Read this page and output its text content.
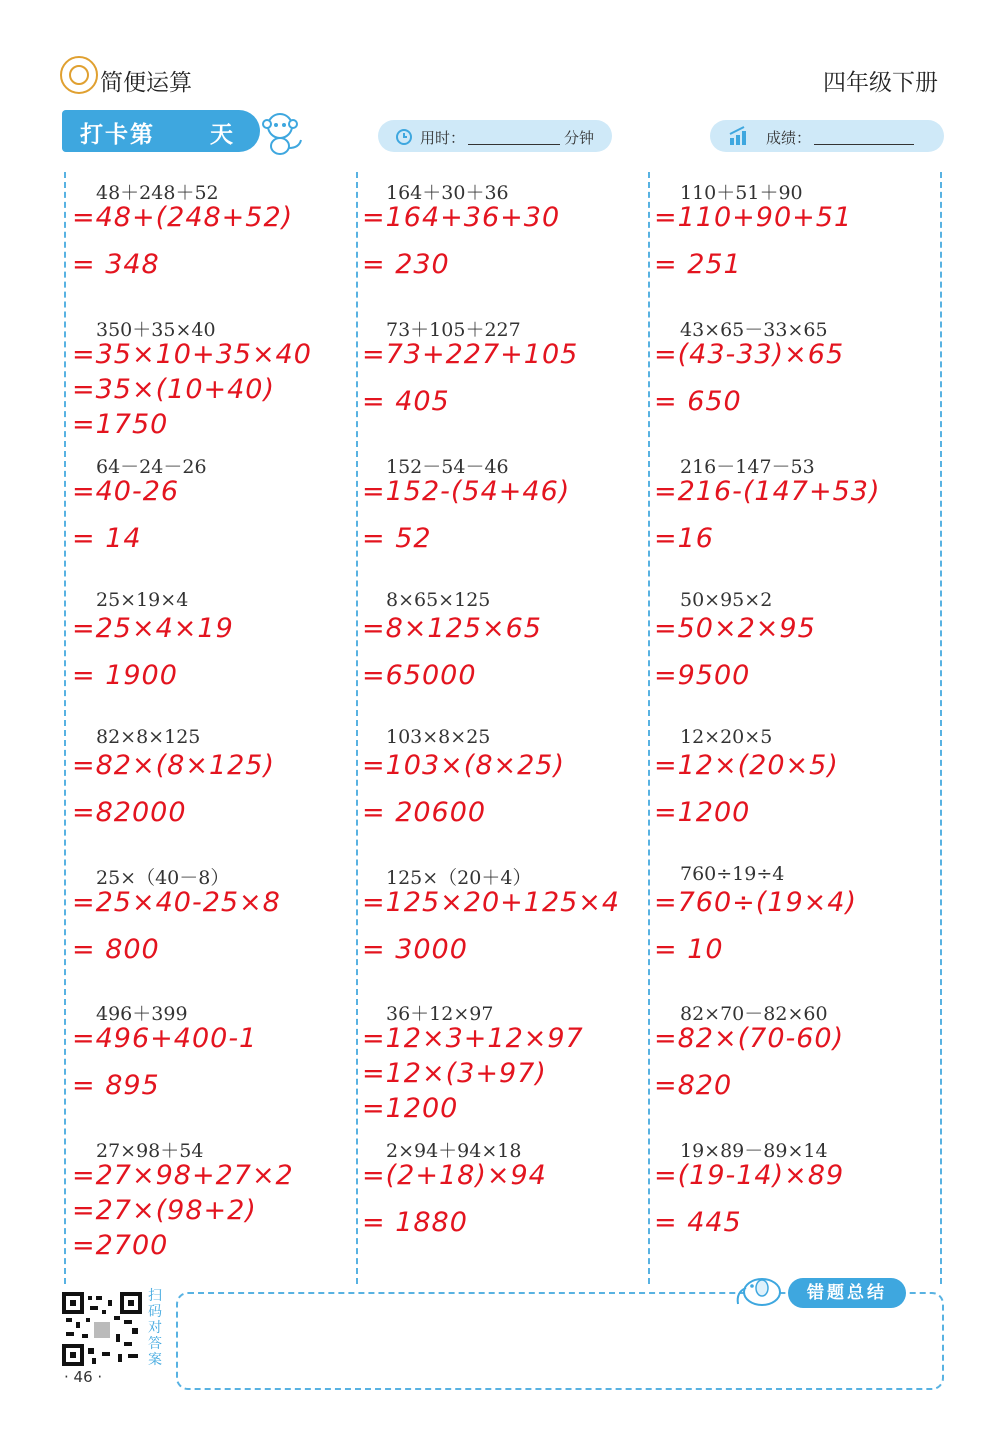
简便运算	四年级下册
打卡第 天	用时：	分钟	成绩：
48＋248＋52
=48+(248+52)
= 348
350＋35×40
=35×10+35×40
=35×(10+40)
=1750
64－24－26
=40-26
= 14
25×19×4
=25×4×19
= 1900
82×8×125
=82×(8×125)
=82000
25×（40－8）
=25×40-25×8
= 800
496＋399
=496+400-1
= 895
27×98＋54
=27×98+27×2
=27×(98+2)
=2700
164＋30＋36
=164+36+30
= 230
73＋105＋227
=73+227+105
= 405
152－54－46
=152-(54+46)
= 52
8×65×125
=8×125×65
=65000
103×8×25
=103×(8×25)
= 20600
125×（20＋4）
=125×20+125×4
= 3000
36＋12×97
=12×3+12×97
=12×(3+97)
=1200
2×94＋94×18
=(2+18)×94
= 1880
110＋51＋90
=110+90+51
= 251
43×65－33×65
=(43-33)×65
= 650
216－147－53
=216-(147+53)
=16
50×95×2
=50×2×95
=9500
12×20×5
=12×(20×5)
=1200
760÷19÷4
=760÷(19×4)
= 10
82×70－82×60
=82×(70-60)
=820
19×89－89×14
=(19-14)×89
= 445
错题总结
扫码对答案
· 46 ·
